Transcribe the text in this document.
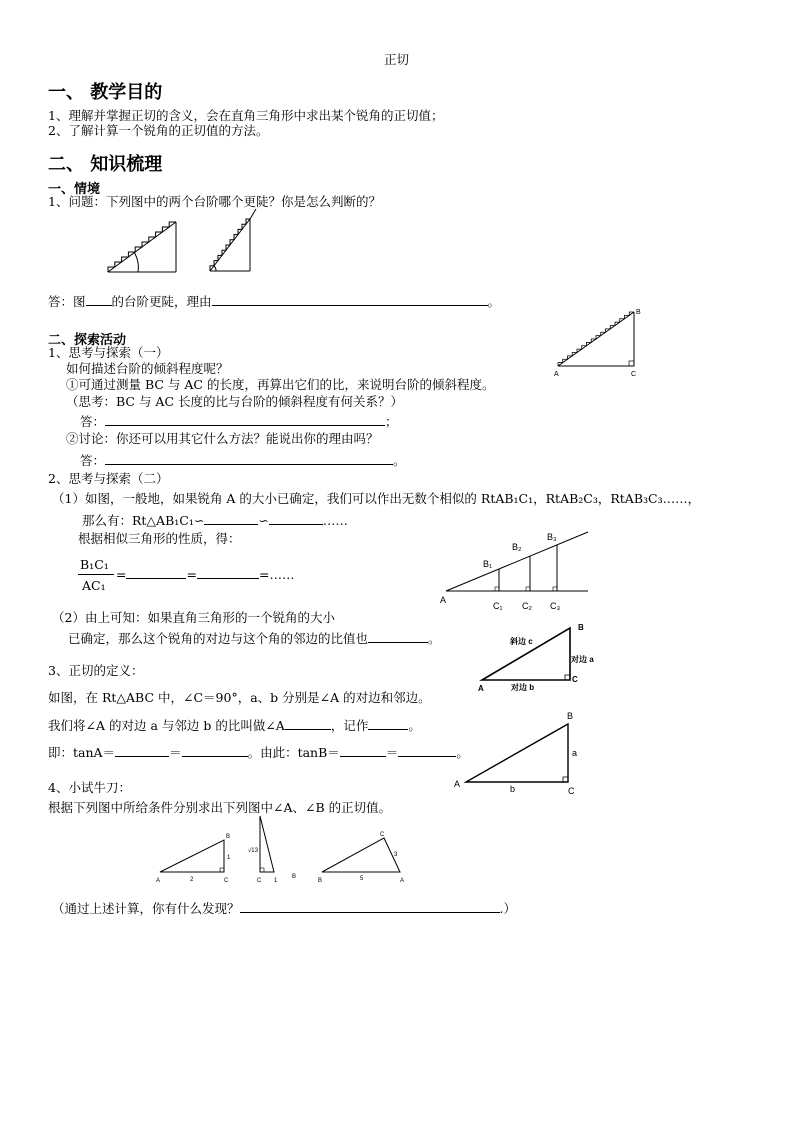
正切
一、 教学目的
1、理解并掌握正切的含义，会在直角三角形中求出某个锐角的正切值；
2、了解计算一个锐角的正切值的方法。
二、 知识梳理
一、情境
1、问题：下列图中的两个台阶哪个更陡？你是怎么判断的？
答：图 的台阶更陡，理由	。
二、探索活动
1、思考与探索（一）
如何描述台阶的倾斜程度呢？
①可通过测量 BC 与 AC 的长度，再算出它们的比，来说明台阶的倾斜程度。
（思考：BC 与 AC 长度的比与台阶的倾斜程度有何关系？）
答：	；
②讨论：你还可以用其它什么方法？能说出你的理由吗？
答：	。
A
B
C
2、思考与探索（二）
（1）如图，一般地，如果锐角 A 的大小已确定，我们可以作出无数个相似的 RtAB₁C₁，RtAB₂C₃，RtAB₃C₃……，
那么有：Rt△AB₁C₁∽	∽	……
根据相似三角形的性质，得：
B₁C₁
AC₁
=	=	=……
A
B₁
B₂
B₃
C₁ C₂ C₃
（2）由上可知：如果直角三角形的一个锐角的大小
已确定，那么这个锐角的对边与这个角的邻边的比值也	。
A
B
C
斜边 c
对边 a
对边 b
3、正切的定义：
如图，在 Rt△ABC 中，∠C＝90°，a、b 分别是∠A 的对边和邻边。
我们将∠A 的对边 a 与邻边 b 的比叫做∠A	，记作	。
即：tanA＝	＝	。由此：tanB＝	＝	。
A
B
C
a
b
4、小试牛刀：
根据下列图中所给条件分别求出下列图中∠A、∠B 的正切值。
A
B
C
2
1
√13
C 1
B
B
C
A
3
5
（通过上述计算，你有什么发现？	.）
